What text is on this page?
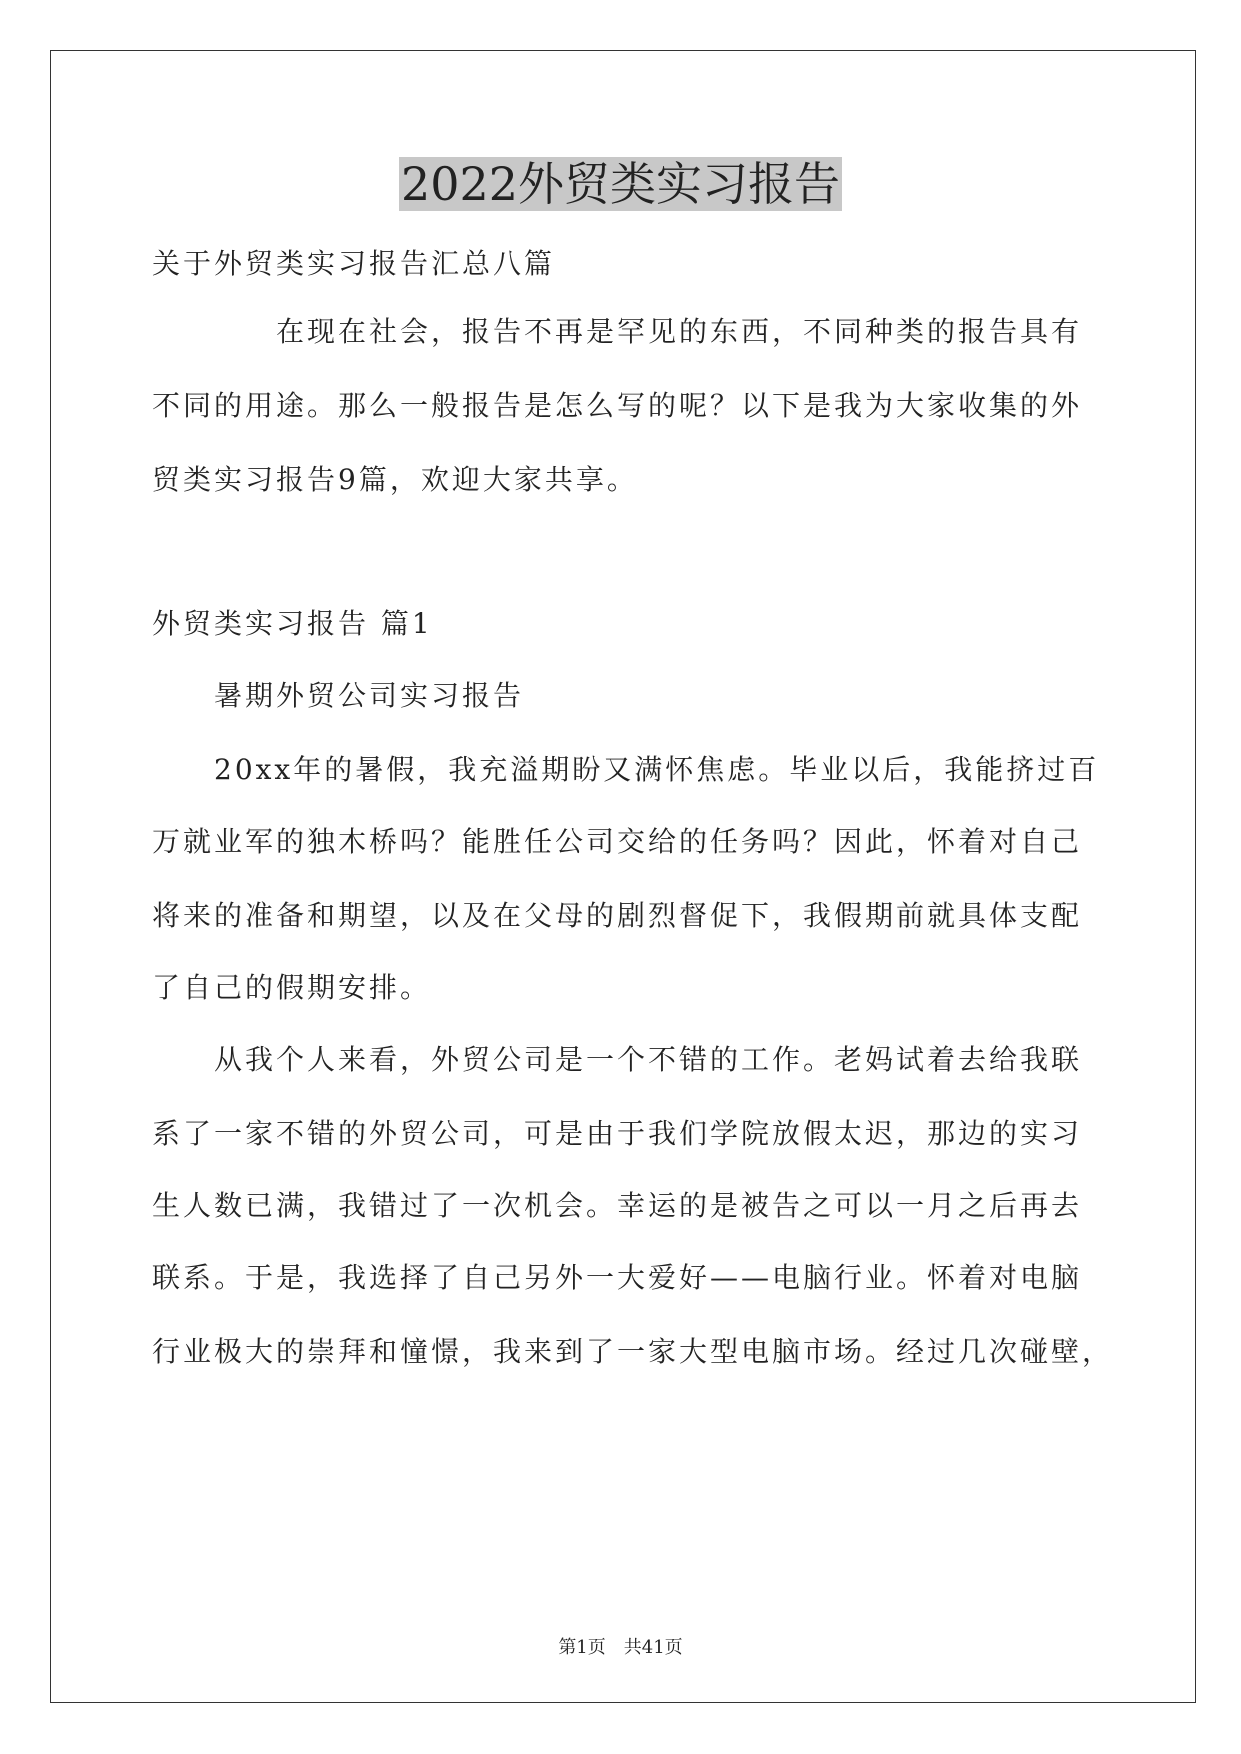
2022外贸类实习报告
关于外贸类实习报告汇总八篇
　　　　在现在社会，报告不再是罕见的东西，不同种类的报告具有
不同的用途。那么一般报告是怎么写的呢？以下是我为大家收集的外
贸类实习报告9篇，欢迎大家共享。
外贸类实习报告 篇1
　　暑期外贸公司实习报告
　　20xx年的暑假，我充溢期盼又满怀焦虑。毕业以后，我能挤过百
万就业军的独木桥吗？能胜任公司交给的任务吗？因此，怀着对自己
将来的准备和期望，以及在父母的剧烈督促下，我假期前就具体支配
了自己的假期安排。
　　从我个人来看，外贸公司是一个不错的工作。老妈试着去给我联
系了一家不错的外贸公司，可是由于我们学院放假太迟，那边的实习
生人数已满，我错过了一次机会。幸运的是被告之可以一月之后再去
联系。于是，我选择了自己另外一大爱好——电脑行业。怀着对电脑
行业极大的崇拜和憧憬，我来到了一家大型电脑市场。经过几次碰壁，
第1页　共41页
